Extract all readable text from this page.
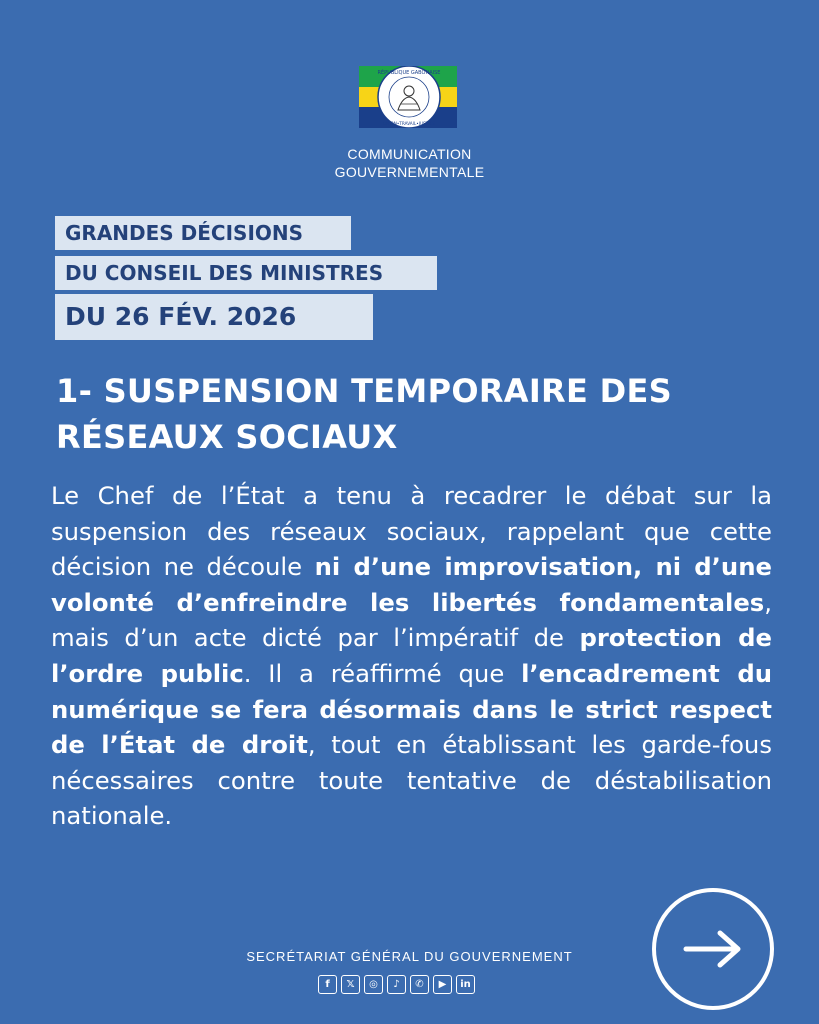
RÉPUBLIQUE GABONAISE
UNION•TRAVAIL•JUSTICE
COMMUNICATION
GOUVERNEMENTALE
GRANDES DÉCISIONS
DU CONSEIL DES MINISTRES
DU 26 FÉV. 2026
1- SUSPENSION TEMPORAIRE DES
RÉSEAUX SOCIAUX
Le Chef de l’État a tenu à recadrer le débat sur la suspension des réseaux sociaux, rappelant que cette décision ne découle ni d’une improvisation, ni d’une volonté d’enfreindre les libertés fondamentales, mais d’un acte dicté par l’impératif de protection de l’ordre public. Il a réaffirmé que l’encadrement du numérique se fera désormais dans le strict respect de l’État de droit, tout en établissant les garde-fous nécessaires contre toute tentative de déstabilisation nationale.
SECRÉTARIAT GÉNÉRAL DU GOUVERNEMENT
f	𝕏	◎	♪	✆	▶	in
